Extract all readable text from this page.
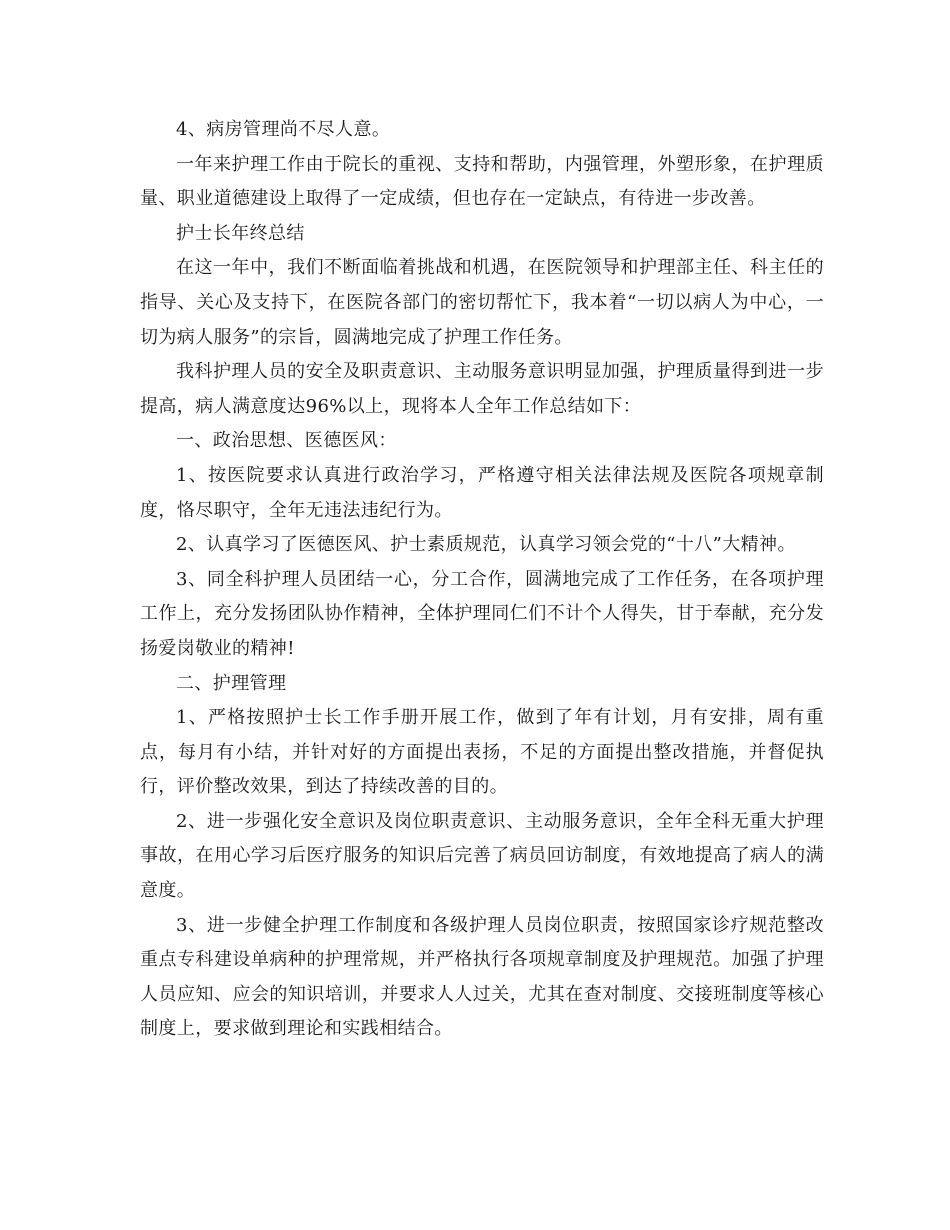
4、病房管理尚不尽人意。

一年来护理工作由于院长的重视、支持和帮助，内强管理，外塑形象，在护理质量、职业道德建设上取得了一定成绩，但也存在一定缺点，有待进一步改善。

护士长年终总结

在这一年中，我们不断面临着挑战和机遇，在医院领导和护理部主任、科主任的指导、关心及支持下，在医院各部门的密切帮忙下，我本着“一切以病人为中心，一切为病人服务”的宗旨，圆满地完成了护理工作任务。

我科护理人员的安全及职责意识、主动服务意识明显加强，护理质量得到进一步提高，病人满意度达96%以上，现将本人全年工作总结如下：

一、政治思想、医德医风：

1、按医院要求认真进行政治学习，严格遵守相关法律法规及医院各项规章制度，恪尽职守，全年无违法违纪行为。

2、认真学习了医德医风、护士素质规范，认真学习领会党的“十八”大精神。

3、同全科护理人员团结一心，分工合作，圆满地完成了工作任务，在各项护理工作上，充分发扬团队协作精神，全体护理同仁们不计个人得失，甘于奉献，充分发扬爱岗敬业的精神!

二、护理管理

1、严格按照护士长工作手册开展工作，做到了年有计划，月有安排，周有重点，每月有小结，并针对好的方面提出表扬，不足的方面提出整改措施，并督促执行，评价整改效果，到达了持续改善的目的。

2、进一步强化安全意识及岗位职责意识、主动服务意识，全年全科无重大护理事故，在用心学习后医疗服务的知识后完善了病员回访制度，有效地提高了病人的满意度。

3、进一步健全护理工作制度和各级护理人员岗位职责，按照国家诊疗规范整改重点专科建设单病种的护理常规，并严格执行各项规章制度及护理规范。加强了护理人员应知、应会的知识培训，并要求人人过关，尤其在查对制度、交接班制度等核心制度上，要求做到理论和实践相结合。
